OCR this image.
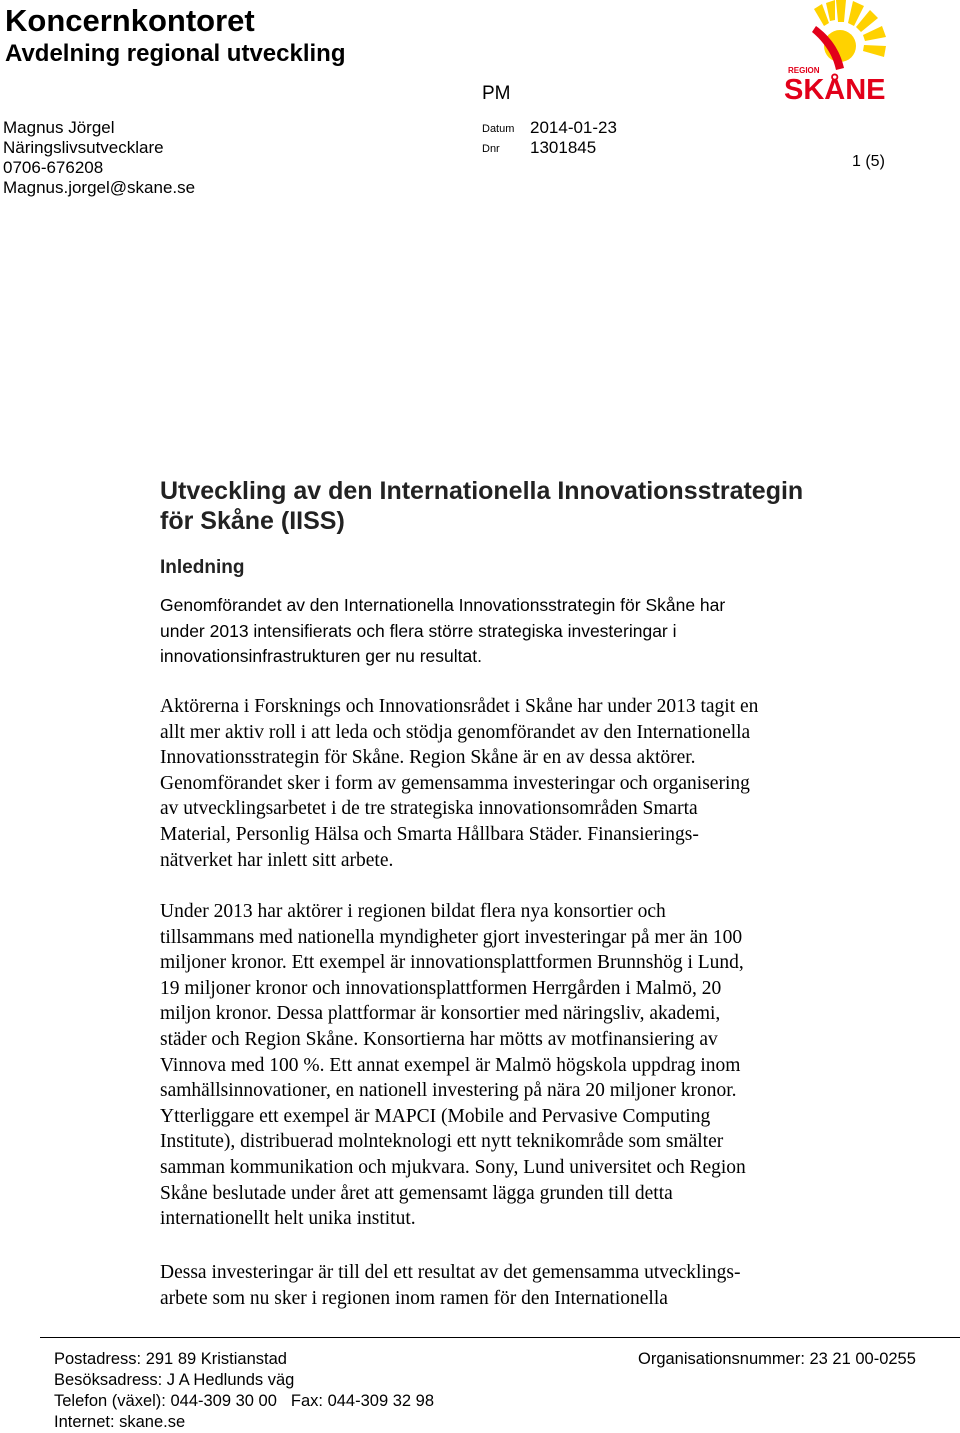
Koncernkontoret
Avdelning regional utveckling
Magnus Jörgel
Näringslivsutvecklare
0706-676208
Magnus.jorgel@skane.se
PM
Datum 2014-01-23
Dnr 1301845
1 (5)
REGION
SKÅNE
Utveckling av den Internationella Innovationsstrategin
för Skåne (IISS)
Inledning
Genomförandet av den Internationella Innovationsstrategin för Skåne har
under 2013 intensifierats och flera större strategiska investeringar i
innovationsinfrastrukturen ger nu resultat.
Aktörerna i Forsknings och Innovationsrådet i Skåne har under 2013 tagit en
allt mer aktiv roll i att leda och stödja genomförandet av den Internationella
Innovationsstrategin för Skåne. Region Skåne är en av dessa aktörer.
Genomförandet sker i form av gemensamma investeringar och organisering
av utvecklingsarbetet i de tre strategiska innovationsområden Smarta
Material, Personlig Hälsa och Smarta Hållbara Städer. Finansierings-
nätverket har inlett sitt arbete.
Under 2013 har aktörer i regionen bildat flera nya konsortier och
tillsammans med nationella myndigheter gjort investeringar på mer än 100
miljoner kronor. Ett exempel är innovationsplattformen Brunnshög i Lund,
19 miljoner kronor och innovationsplattformen Herrgården i Malmö, 20
miljon kronor. Dessa plattformar är konsortier med näringsliv, akademi,
städer och Region Skåne. Konsortierna har mötts av motfinansiering av
Vinnova med 100 %. Ett annat exempel är Malmö högskola uppdrag inom
samhällsinnovationer, en nationell investering på nära 20 miljoner kronor.
Ytterliggare ett exempel är MAPCI (Mobile and Pervasive Computing
Institute), distribuerad molnteknologi ett nytt teknikområde som smälter
samman kommunikation och mjukvara. Sony, Lund universitet och Region
Skåne beslutade under året att gemensamt lägga grunden till detta
internationellt helt unika institut.
Dessa investeringar är till del ett resultat av det gemensamma utvecklings-
arbete som nu sker i regionen inom ramen för den Internationella
Postadress: 291 89 Kristianstad
Besöksadress: J A Hedlunds väg
Telefon (växel): 044-309 30 00 Fax: 044-309 32 98
Internet: skane.se
Organisationsnummer: 23 21 00-0255
